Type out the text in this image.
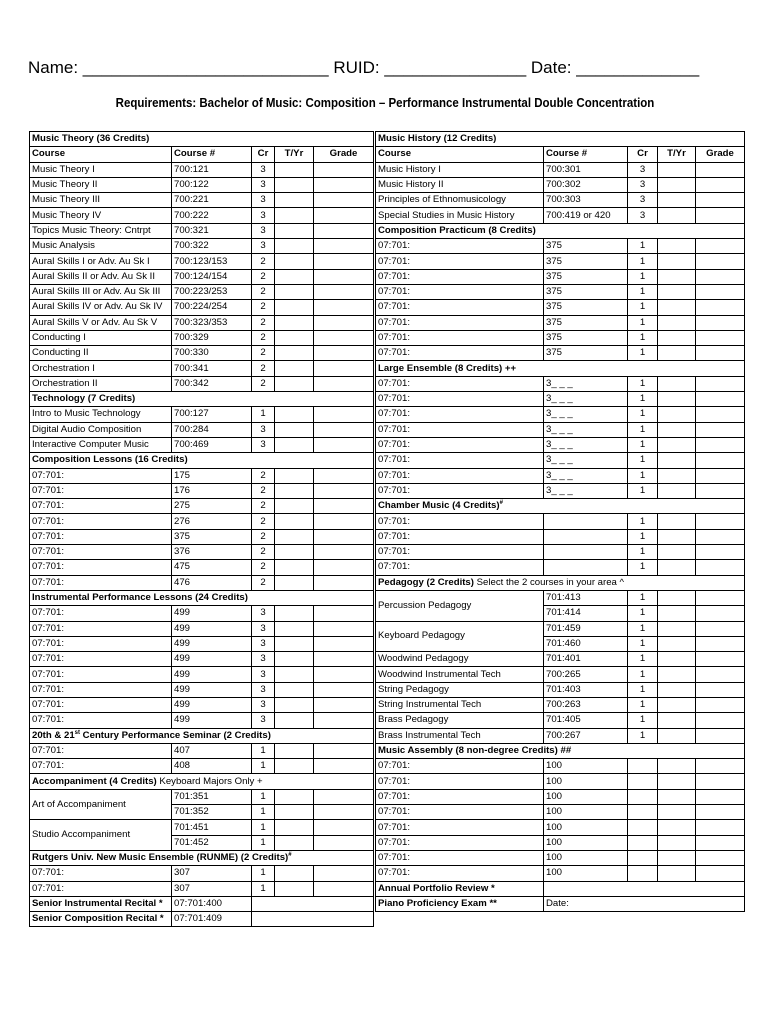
Name: __________________________ RUID: _______________ Date: _____________
Requirements: Bachelor of Music: Composition – Performance Instrumental Double Concentration
Music Theory (36 Credits)				
Course	Course #	Cr	T/Yr	Grade
Music Theory I	700:121	3		
Music Theory II	700:122	3		
Music Theory III	700:221	3		
Music Theory IV	700:222	3		
Topics Music Theory: Cntrpt	700:321	3		
Music Analysis	700:322	3		
Aural Skills I or Adv. Au Sk I	700:123/153	2		
Aural Skills II or Adv. Au Sk II	700:124/154	2		
Aural Skills III or Adv. Au Sk III	700:223/253	2		
Aural Skills IV or Adv. Au Sk IV	700:224/254	2		
Aural Skills V or Adv. Au Sk V	700:323/353	2		
Conducting I	700:329	2		
Conducting II	700:330	2		
Orchestration I	700:341	2		
Orchestration II	700:342	2		
Technology (7 Credits)				
Intro to Music Technology	700:127	1		
Digital Audio Composition	700:284	3		
Interactive Computer Music	700:469	3		
Composition Lessons (16 Credits)				
07:701:	175	2		
07:701:	176	2		
07:701:	275	2		
07:701:	276	2		
07:701:	375	2		
07:701:	376	2		
07:701:	475	2		
07:701:	476	2		
Instrumental Performance Lessons (24 Credits)				
07:701:	499	3		
07:701:	499	3		
07:701:	499	3		
07:701:	499	3		
07:701:	499	3		
07:701:	499	3		
07:701:	499	3		
07:701:	499	3		
20th & 21st Century Performance Seminar (2 Credits)				
07:701:	407	1		
07:701:	408	1		
Accompaniment (4 Credits) Keyboard Majors Only +				
Art of Accompaniment	701:351	1		
	701:352	1		
Studio Accompaniment	701:451	1		
	701:452	1		
Rutgers Univ. New Music Ensemble (RUNME) (2 Credits)#
07:701:	307	1		
07:701:	307	1		
Senior Instrumental Recital *	07:701:400			
Senior Composition Recital *	07:701:409			
Music History (12 Credits)				
Course	Course #	Cr	T/Yr	Grade
Music History I	700:301	3		
Music History II	700:302	3		
Principles of Ethnomusicology	700:303	3		
Special Studies in Music History	700:419 or 420	3		
Composition Practicum (8 Credits)				
07:701:	375	1		
07:701:	375	1		
07:701:	375	1		
07:701:	375	1		
07:701:	375	1		
07:701:	375	1		
07:701:	375	1		
07:701:	375	1		
Large Ensemble (8 Credits) ++				
07:701:	3_ _ _	1		
07:701:	3_ _ _	1		
07:701:	3_ _ _	1		
07:701:	3_ _ _	1		
07:701:	3_ _ _	1		
07:701:	3_ _ _	1		
07:701:	3_ _ _	1		
07:701:	3_ _ _	1		
Chamber Music (4 Credits)#
07:701:		1		
07:701:		1		
07:701:		1		
07:701:		1		
Pedagogy (2 Credits) Select the 2 courses in your area ^				
Percussion Pedagogy	701:413	1		
	701:414	1		
Keyboard Pedagogy	701:459	1		
	701:460	1		
Woodwind Pedagogy	701:401	1		
Woodwind Instrumental Tech	700:265	1		
String Pedagogy	701:403	1		
String Instrumental Tech	700:263	1		
Brass Pedagogy	701:405	1		
Brass Instrumental Tech	700:267	1		
Music Assembly (8 non-degree Credits) ##				
07:701:	100			
07:701:	100			
07:701:	100			
07:701:	100			
07:701:	100			
07:701:	100			
07:701:	100			
07:701:	100			
Annual Portfolio Review *				
Piano Proficiency Exam **	Date:			
